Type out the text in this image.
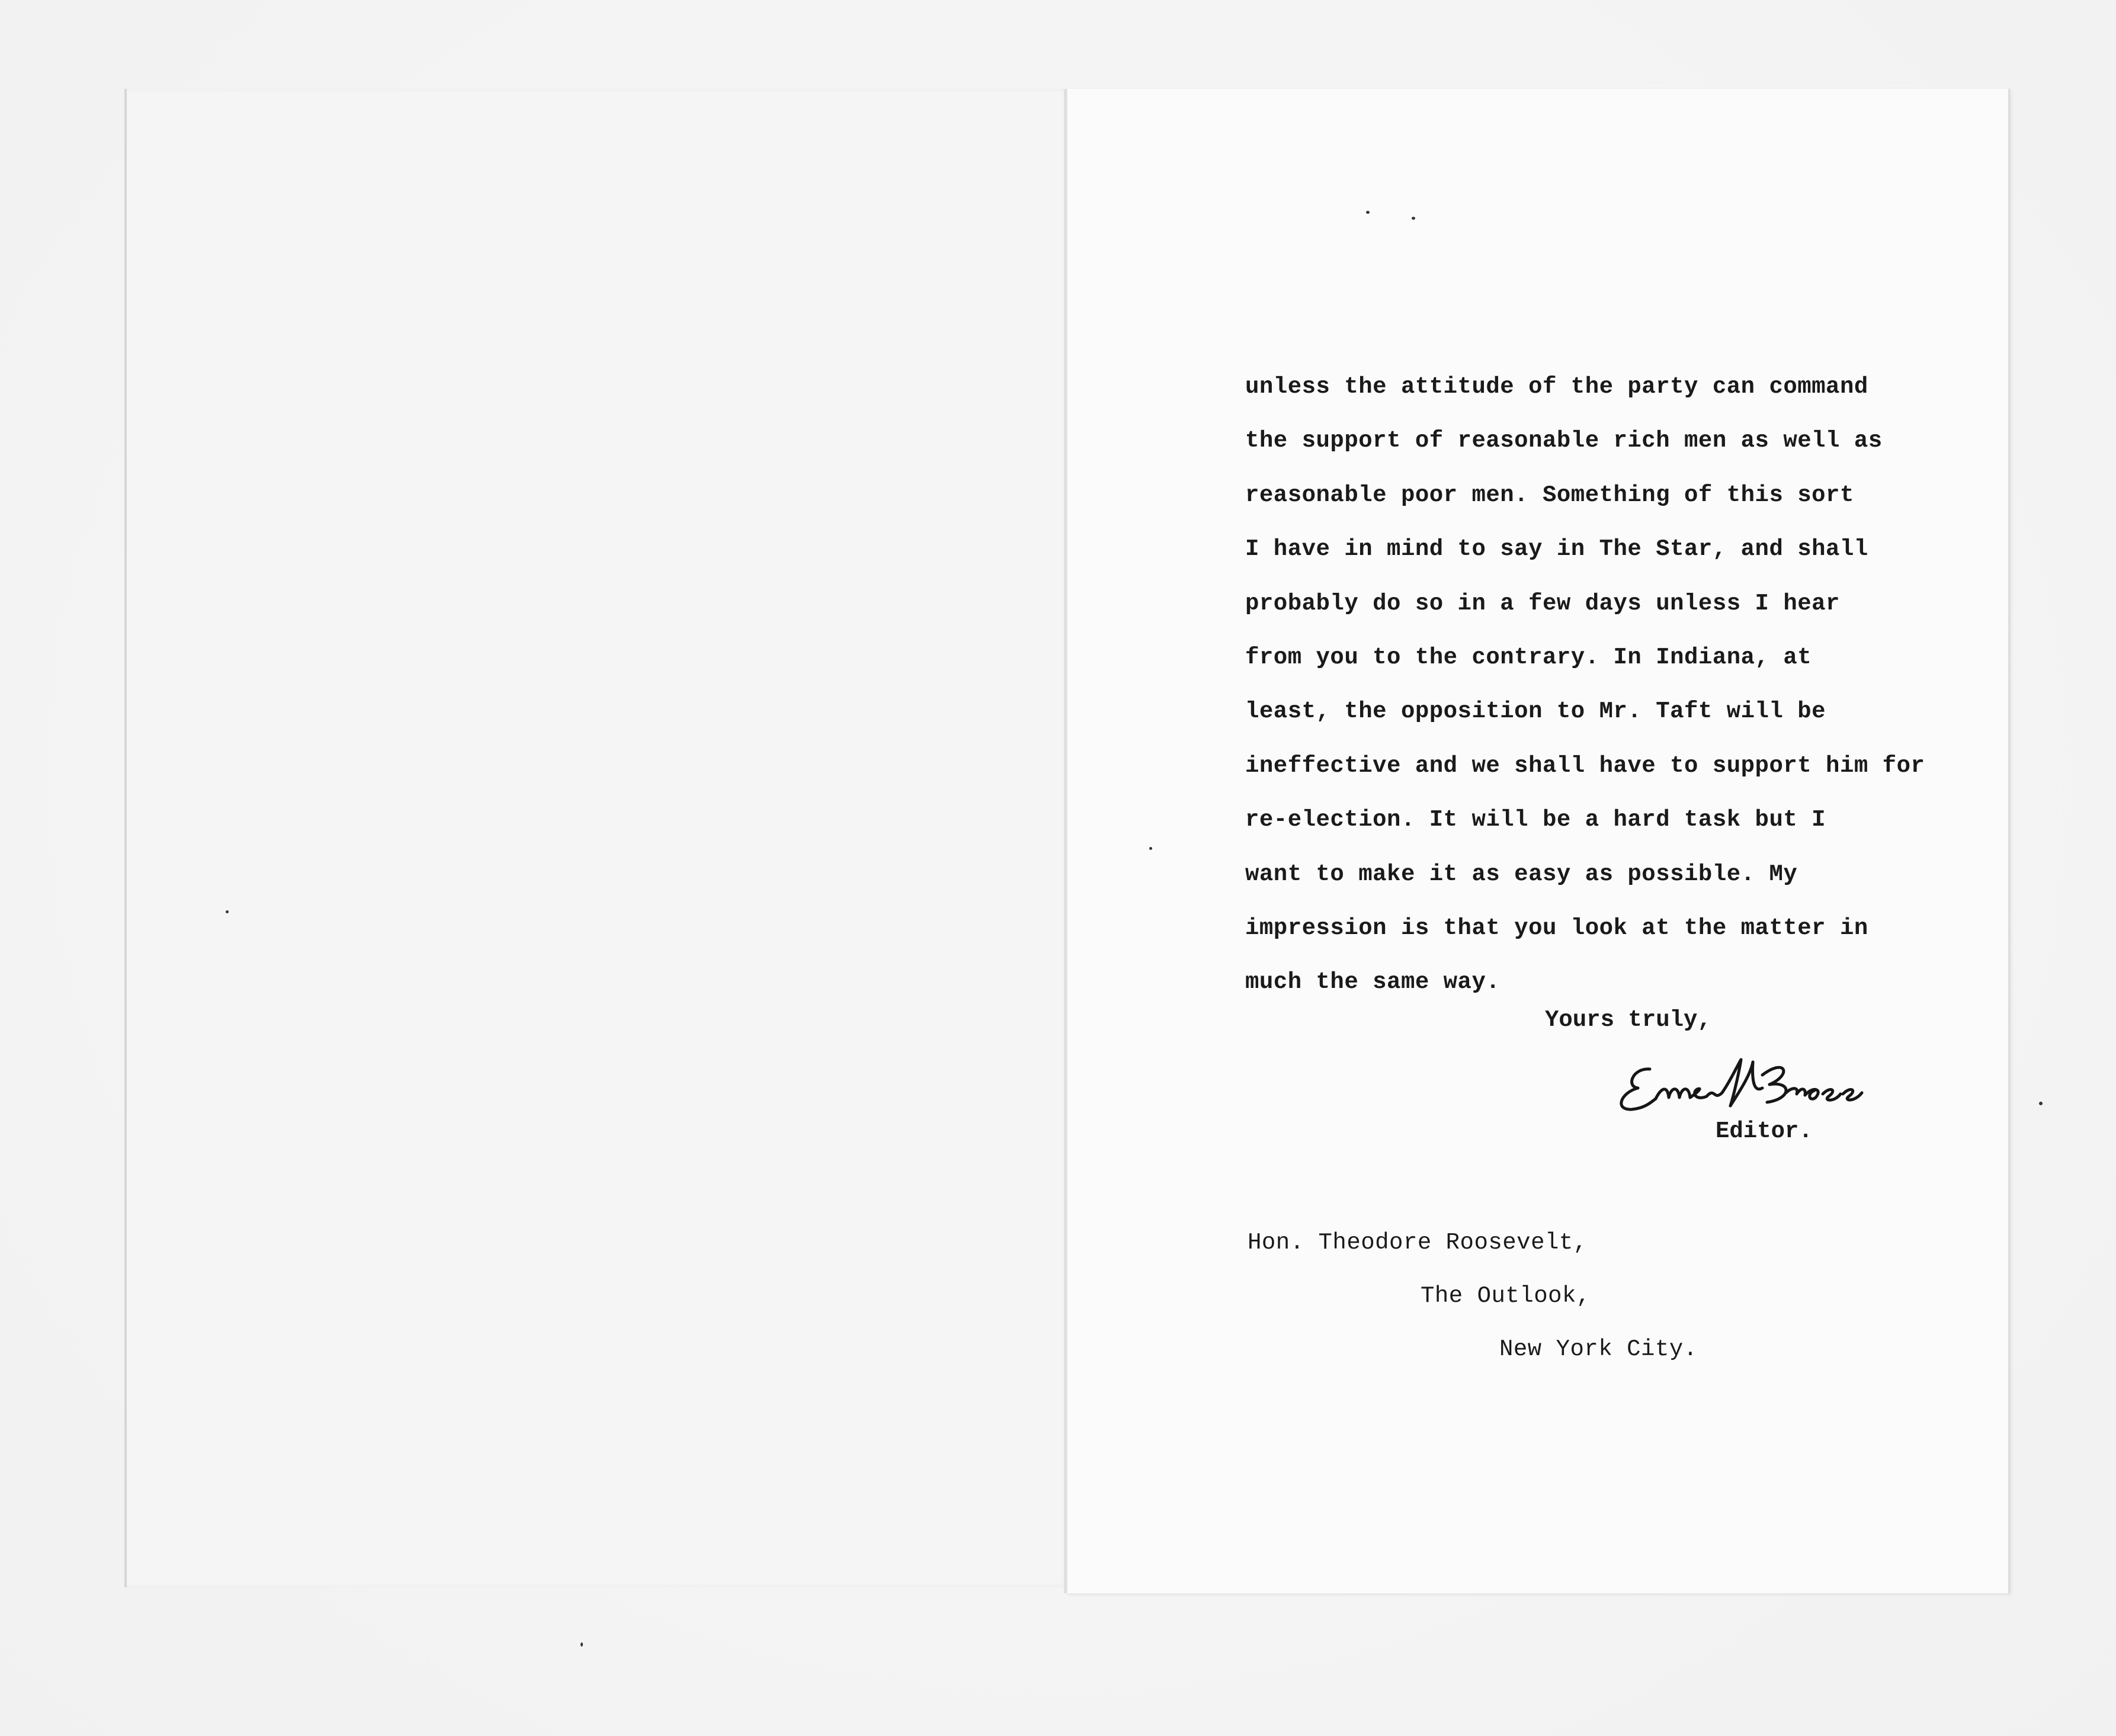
unless the attitude of the party can command
the support of reasonable rich men as well as
reasonable poor men. Something of this sort
I have in mind to say in The Star, and shall
probably do so in a few days unless I hear
from you to the contrary. In Indiana, at
least, the opposition to Mr. Taft will be
ineffective and we shall have to support him for
re-election. It will be a hard task but I
want to make it as easy as possible. My
impression is that you look at the matter in
much the same way.
Yours truly,
Editor.
Hon. Theodore Roosevelt,
The Outlook,
New York City.
